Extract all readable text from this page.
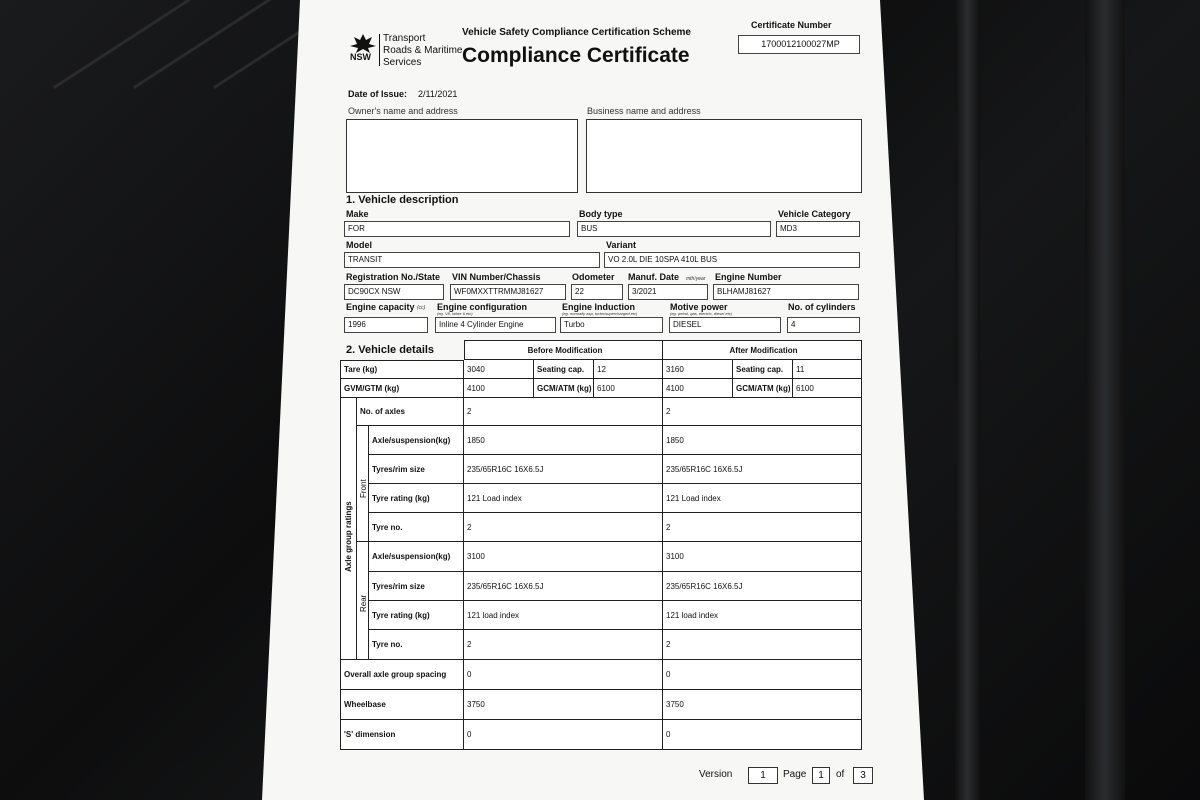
NSW
Transport
Roads & Maritime
Services
Vehicle Safety Compliance Certification Scheme
Compliance Certificate
Certificate Number
1700012100027MP
Date of Issue: 2/11/2021
Owner's name and address	Business name and address
1. Vehicle description
Make
FOR
Body type
BUS
Vehicle Category
MD3
Model
TRANSIT
Variant
VO 2.0L DIE 10SPA 410L BUS
Registration No./State
DC90CX NSW
VIN Number/Chassis
WF0MXXTTRMMJ81627
Odometer
22
Manuf. Date mth/year
3/2021
Engine Number
BLHAMJ81627
Engine capacity (cc)
1996
Engine configuration
(eg. V8, inline 6 etc)
Inline 4 Cylinder Engine
Engine Induction
(eg. normally asp, turbo/supercharged etc)
Turbo
Motive power
(eg. petrol, gas, electric, diesel etc)
DIESEL
No. of cylinders
4
2. Vehicle details	Before Modification	After Modification
Tare (kg)	3040	Seating cap.	12	3160	Seating cap.	11
GVM/GTM (kg)	4100	GCM/ATM (kg) 6100	4100	GCM/ATM (kg) 6100
Axle group ratings
Front
Rear
No. of axles	2	2
Axle/suspension(kg)	1850	1850
Tyres/rim size	235/65R16C 16X6.5J	235/65R16C 16X6.5J
Tyre rating (kg)	121 Load index	121 Load index
Tyre no.	2	2
Axle/suspension(kg)	3100	3100
Tyres/rim size	235/65R16C 16X6.5J	235/65R16C 16X6.5J
Tyre rating (kg)	121 load index	121 load index
Tyre no.	2	2
Overall axle group spacing	0	0
Wheelbase	3750	3750
'S' dimension	0	0
Version	1	Page	1	of	3
